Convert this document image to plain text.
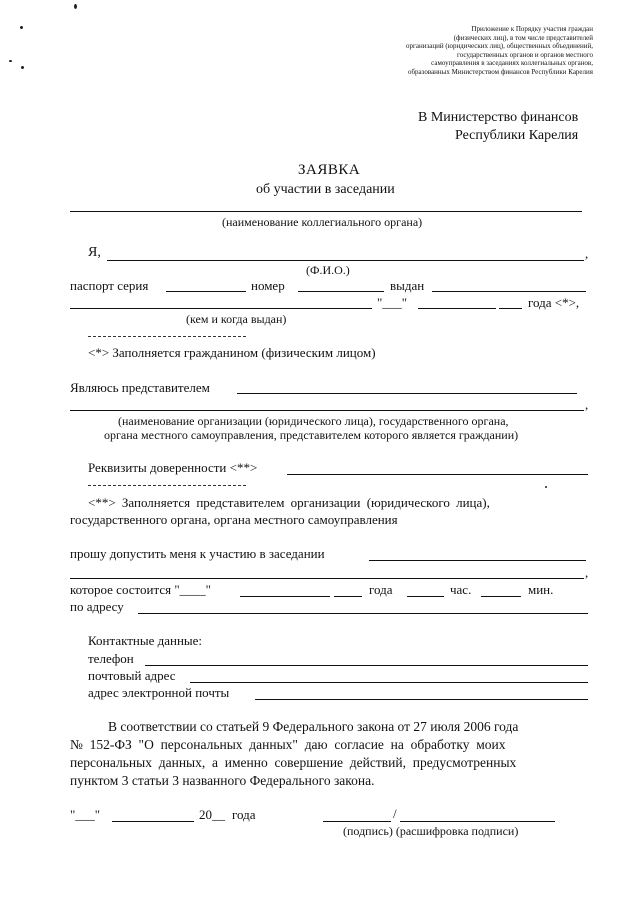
Приложение к Порядку участия граждан
(физических лиц), в том числе представителей
организаций (юридических лиц), общественных объединений,
государственных органов и органов местного
самоуправления в заседаниях коллегиальных органов,
образованных Министерством финансов Республики Карелия
В Министерство финансов
Республики Карелия
ЗАЯВКА
об участии в заседании
(наименование коллегиального органа)
Я,	,
(Ф.И.О.)
паспорт серия	номер	выдан
"___"	года <*>,
(кем и когда выдан)
<*> Заполняется гражданином (физическим лицом)
Являюсь представителем
,
(наименование организации (юридического лица), государственного органа,
органа местного самоуправления, представителем которого является граждании)
Реквизиты доверенности <**>
<**> Заполняется представителем организации (юридического лица),
государственного органа, органа местного самоуправления
прошу допустить меня к участию в заседании
,
которое состоится "____"	года	час.	мин.
по адресу
Контактные данные:
телефон
почтовый адрес
адрес электронной почты
В соответствии со статьей 9 Федерального закона от 27 июля 2006 года
№  152-ФЗ  "О  персональных  данных"  даю  согласие  на  обработку  моих
персональных  данных,  а  именно  совершение  действий,  предусмотренных
пунктом 3 статьи 3 названного Федерального закона.
"___"	20__ года	/
(подпись) (расшифровка подписи)
